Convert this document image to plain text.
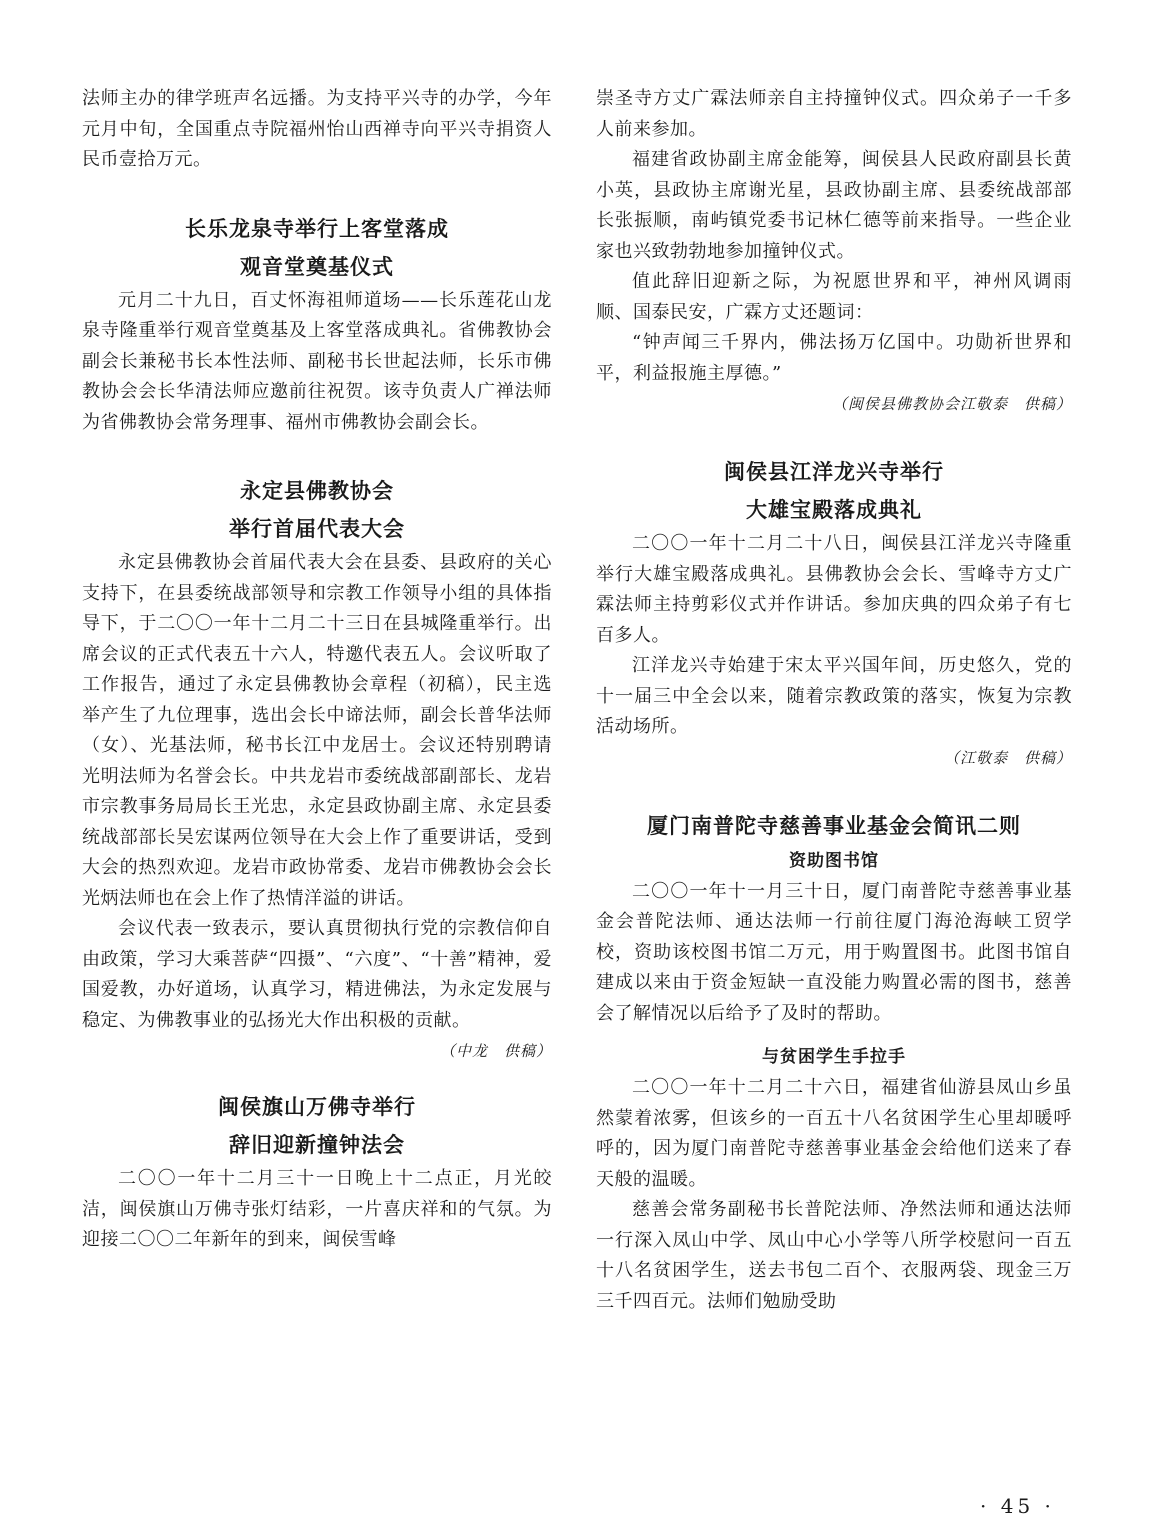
法师主办的律学班声名远播。为支持平兴寺的办学，今年元月中旬，全国重点寺院福州怡山西禅寺向平兴寺捐资人民币壹拾万元。

长乐龙泉寺举行上客堂落成
观音堂奠基仪式

元月二十九日，百丈怀海祖师道场——长乐莲花山龙泉寺隆重举行观音堂奠基及上客堂落成典礼。省佛教协会副会长兼秘书长本性法师、副秘书长世起法师，长乐市佛教协会会长华清法师应邀前往祝贺。该寺负责人广禅法师为省佛教协会常务理事、福州市佛教协会副会长。

永定县佛教协会
举行首届代表大会

永定县佛教协会首届代表大会在县委、县政府的关心支持下，在县委统战部领导和宗教工作领导小组的具体指导下，于二〇〇一年十二月二十三日在县城隆重举行。出席会议的正式代表五十六人，特邀代表五人。会议听取了工作报告，通过了永定县佛教协会章程（初稿），民主选举产生了九位理事，选出会长中谛法师，副会长普华法师（女）、光基法师，秘书长江中龙居士。会议还特别聘请光明法师为名誉会长。中共龙岩市委统战部副部长、龙岩市宗教事务局局长王光忠，永定县政协副主席、永定县委统战部部长吴宏谋两位领导在大会上作了重要讲话，受到大会的热烈欢迎。龙岩市政协常委、龙岩市佛教协会会长光炳法师也在会上作了热情洋溢的讲话。

会议代表一致表示，要认真贯彻执行党的宗教信仰自由政策，学习大乘菩萨“四摄”、“六度”、“十善”精神，爱国爱教，办好道场，认真学习，精进佛法，为永定发展与稳定、为佛教事业的弘扬光大作出积极的贡献。

（中龙　供稿）
闽侯旗山万佛寺举行
辞旧迎新撞钟法会

二〇〇一年十二月三十一日晚上十二点正，月光皎洁，闽侯旗山万佛寺张灯结彩，一片喜庆祥和的气氛。为迎接二〇〇二年新年的到来，闽侯雪峰

崇圣寺方丈广霖法师亲自主持撞钟仪式。四众弟子一千多人前来参加。

福建省政协副主席金能筹，闽侯县人民政府副县长黄小英，县政协主席谢光星，县政协副主席、县委统战部部长张振顺，南屿镇党委书记林仁德等前来指导。一些企业家也兴致勃勃地参加撞钟仪式。

值此辞旧迎新之际，为祝愿世界和平，神州风调雨顺、国泰民安，广霖方丈还题词：

“钟声闻三千界内，佛法扬万亿国中。功勋祈世界和平，利益报施主厚德。”

（闽侯县佛教协会江敬泰　供稿）
闽侯县江洋龙兴寺举行
大雄宝殿落成典礼

二〇〇一年十二月二十八日，闽侯县江洋龙兴寺隆重举行大雄宝殿落成典礼。县佛教协会会长、雪峰寺方丈广霖法师主持剪彩仪式并作讲话。参加庆典的四众弟子有七百多人。

江洋龙兴寺始建于宋太平兴国年间，历史悠久，党的十一届三中全会以来，随着宗教政策的落实，恢复为宗教活动场所。

（江敬泰　供稿）
厦门南普陀寺慈善事业基金会简讯二则
资助图书馆

二〇〇一年十一月三十日，厦门南普陀寺慈善事业基金会普陀法师、通达法师一行前往厦门海沧海峡工贸学校，资助该校图书馆二万元，用于购置图书。此图书馆自建成以来由于资金短缺一直没能力购置必需的图书，慈善会了解情况以后给予了及时的帮助。

与贫困学生手拉手

二〇〇一年十二月二十六日，福建省仙游县凤山乡虽然蒙着浓雾，但该乡的一百五十八名贫困学生心里却暖呼呼的，因为厦门南普陀寺慈善事业基金会给他们送来了春天般的温暖。

慈善会常务副秘书长普陀法师、净然法师和通达法师一行深入凤山中学、凤山中心小学等八所学校慰问一百五十八名贫困学生，送去书包二百个、衣服两袋、现金三万三千四百元。法师们勉励受助

· 45 ·
